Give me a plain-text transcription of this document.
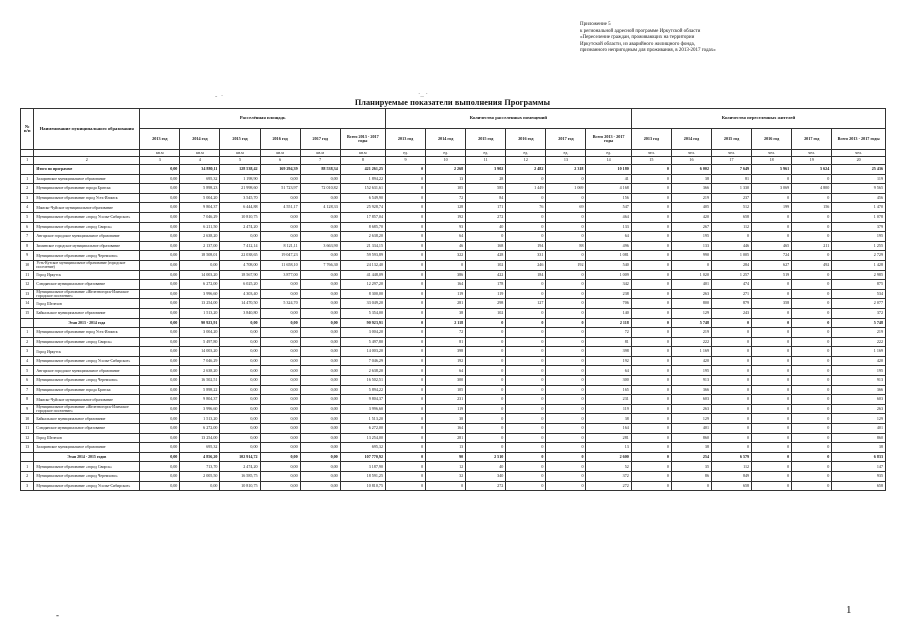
Приложение 5
к региональной адресной программе Иркутской области
«Переселение граждан, проживающих на территории
Иркутской области, из аварийного жилищного фонда,
признанного непригодным для проживания, в 2013-2017 годах»
-  ·	·_ ·
Планируемые показатели выполнения Программы
№ п/п	Наименование муниципального образования	Расселённая площадь						Количество расселенных помещений						Количество переселенных жителей					
		2013 год	2014 год	2015 год	2016 год	2017 год	Всего 2013 - 2017 годы	2013 год	2014 год	2015 год	2016 год	2017 год	Всего 2013 - 2017 годы	2013 год	2014 год	2015 год	2016 год	2017 год	Всего 2013 - 2017 годы
		кв.м	кв.м	кв.м	кв.м	кв.м	кв.м	ед.	ед.	ед.	ед.	ед.	ед.	чел.	чел.	чел.	чел.	чел.	чел.
1	2	3	4	5	6	7	8	9	10	11	12	13	14	15	16	17	18	19	20
	Итого по программе	0,00	34 880,11	128 538,42	169 294,39	88 538,34	421 261,25	0	2 268	3 902	2 482	2 318	10 180	0	6 002	7 649	5 961	5 624	25 436
1	Заларинское муниципальное образование	0,00	695,32	1 198,90	0,00	0,00	1 894,22	0	13	28	0	0	41	0	38	81	0	0	119
2	Муниципальное образование города Братска	0,00	5 898,23	21 998,60	51 723,97	72 010,82	152 631,61	0	105	585	1 449	1 069	4 168	0	366	1 330	3 069	4 800	9 565
3	Муниципальное образование город Усть-Илимск	0,00	5 004,20	3 545,70	0,00	0,00	6 549,90	0	72	84	0	0	156	0	219	237	0	0	456
4	Мамско-Чуйское муниципальное образование	0,00	9 804,37	6 444,88	4 551,17	4 128,33	25 928,74	0	128	171	76	69	547	0	405	512	199	156	1 470
5	Муниципальное образование «город Усолье-Сибирское»	0,00	7 046,29	10 810,75	0,00	0,00	17 857,04	0	192	272	0	0	464	0	420	658	0	0	1 078
6	Муниципальное образование «город Свирск»	0,00	6 211,50	2 474,20	0,00	0,00	8 685,70	0	93	40	0	0	133	0	267	112	0	0	379
7	Ангарское городское муниципальное образование	0,00	2 638,20	0,00	0,00	0,00	2 638,20	0	64	0	0	0	64	0	195	0	0	0	195
8	Зиминское городское муниципальное образование	0,00	2 137,00	7 412,14	8 121,11	3 663,90	21 334,15	0	46	168	194	88	496	0	133	446	465	211	1 255
9	Муниципальное образование «город Черемхово»	0,00	18 508,01	22 038,65	19 047,23	0,00	59 593,89	0	322	428	331	0	1 081	0	990	1 005	724	0	2 729
10	Усть-Кутское муниципальное образование (городское поселение)	0,00	0,00	4 708,00	11 658,10	7 766,30	24 132,40	0	0	102	246	192	540	0	0	284	627	492	1 428
11	Город Иркутск	0,00	14 003,20	18 567,90	3 877,00	0,00	41 448,09	0	386	422	184	0	1 009	0	1 020	1 257	519	0	2 985
12	Слюдянское муниципальное образование	0,00	6 272,00	6 025,20	0,00	0,00	12 297,20	0	164	178	0	0	342	0	401	474	0	0	875
13	Муниципальное образование «Железногорск-Илимское городское поселение»	0,00	3 996,60	4 303,40	0,00	0,00	8 300,00	0	119	119	0	0	238	0	263	271	0	0	534
14	Город Шелехов	0,00	13 254,00	14 470,50	5 324,70	0,00	33 049,20	0	281	298	127	0	706	0	800	879	358	0	2 077
15	Байкальское муниципальное образование	0,00	1 513,20	3 840,80	0,00	0,00	5 354,00	0	38	102	0	0	140	0	129	243	0	0	372
	Этап 2013 - 2014 года	0,00	90 923,91	0,00	0,00	0,00	90 923,91	0	2 118	0	0	0	2 118	0	5 748	0	0	0	5 748
1	Муниципальное образование город Усть-Илимск	0,00	3 004,20	0,00	0,00	0,00	3 004,20	0	72	0	0	0	72	0	219	0	0	0	219
2	Муниципальное образование «город Свирск»	0,00	5 497,80	0,00	0,00	0,00	5 497,80	0	81	0	0	0	81	0	222	0	0	0	222
3	Город Иркутск	0,00	14 003,20	0,00	0,00	0,00	14 003,20	0	398	0	0	0	398	0	1 169	0	0	0	1 169
4	Муниципальное образование «город Усолье-Сибирское»	0,00	7 046,29	0,00	0,00	0,00	7 046,29	0	192	0	0	0	192	0	420	0	0	0	420
5	Ангарское городское муниципальное образование	0,00	2 638,20	0,00	0,00	0,00	2 638,20	0	64	0	0	0	64	0	195	0	0	0	195
6	Муниципальное образование «город Черемхово»	0,00	16 502,51	0,00	0,00	0,00	16 502,51	0	300	0	0	0	300	0	913	0	0	0	913
7	Муниципальное образование города Братска	0,00	5 898,22	0,00	0,00	0,00	5 894,22	0	105	0	0	0	165	0	366	0	0	0	366
8	Мамско-Чуйское муниципальное образование	0,00	9 804,37	0,00	0,00	0,00	9 804,37	0	231	0	0	0	231	0	603	0	0	0	603
9	Муниципальное образование «Железногорск-Илимское городское поселение»	0,00	3 996,60	0,00	0,00	0,00	3 996,60	0	119	0	0	0	119	0	263	0	0	0	263
10	Байкальское муниципальное образование	0,00	1 513,20	0,00	0,00	0,00	1 513,20	0	38	0	0	0	38	0	129	0	0	0	129
11	Слюдянское муниципальное образование	0,00	6 272,00	0,00	0,00	0,00	6 272,00	0	164	0	0	0	164	0	401	0	0	0	401
12	Город Шелехов	0,00	13 254,00	0,00	0,00	0,00	13 254,00	0	281	0	0	0	281	0	860	0	0	0	860
13	Заларинское муниципальное образование	0,00	695,32	0,00	0,00	0,00	695,32	0	13	0	0	0	13	0	38	0	0	0	38
	Этап 2014 - 2015 годов	0,00	4 856,20	102 914,72	0,00	0,00	107 770,92	0	90	2 510	0	0	2 600	0	254	6 579	0	0	6 833
1	Муниципальное образование «город Свирск»	0,00	713,70	2 474,20	0,00	0,00	3 187,90	0	12	40	0	0	52	0	35	112	0	0	147
2	Муниципальное образование «город Черемхово»	0,00	2 005,50	16 585,75	0,00	0,00	18 591,25	0	32	340	0	0	372	0	86	849	0	0	935
3	Муниципальное образование «город Усолье-Сибирское»	0,00	0,00	10 810,75	0,00	0,00	10 810,75	0	0	272	0	0	272	0	0	658	0	0	658
-	1
